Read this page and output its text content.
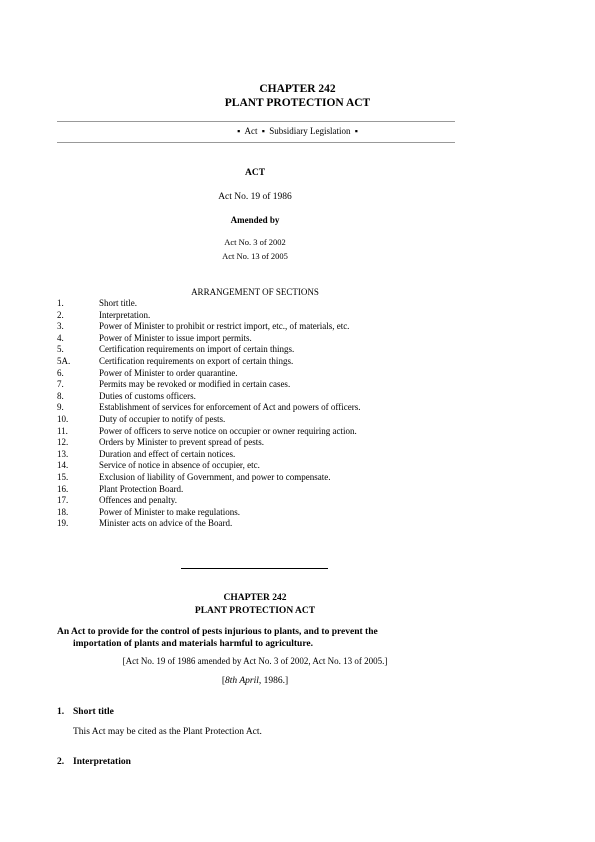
CHAPTER 242
PLANT PROTECTION ACT
▪ Act ▪ Subsidiary Legislation ▪
ACT
Act No. 19 of 1986
Amended by
Act No. 3 of 2002
Act No. 13 of 2005
ARRANGEMENT OF SECTIONS
1.	Short title.
2.	Interpretation.
3.	Power of Minister to prohibit or restrict import, etc., of materials, etc.
4.	Power of Minister to issue import permits.
5.	Certification requirements on import of certain things.
5A.	Certification requirements on export of certain things.
6.	Power of Minister to order quarantine.
7.	Permits may be revoked or modified in certain cases.
8.	Duties of customs officers.
9.	Establishment of services for enforcement of Act and powers of officers.
10.	Duty of occupier to notify of pests.
11.	Power of officers to serve notice on occupier or owner requiring action.
12.	Orders by Minister to prevent spread of pests.
13.	Duration and effect of certain notices.
14.	Service of notice in absence of occupier, etc.
15.	Exclusion of liability of Government, and power to compensate.
16.	Plant Protection Board.
17.	Offences and penalty.
18.	Power of Minister to make regulations.
19.	Minister acts on advice of the Board.
CHAPTER 242
PLANT PROTECTION ACT
An Act to provide for the control of pests injurious to plants, and to prevent the
importation of plants and materials harmful to agriculture.
[Act No. 19 of 1986 amended by Act No. 3 of 2002, Act No. 13 of 2005.]
[8th April, 1986.]
1. Short title
This Act may be cited as the Plant Protection Act.
2. Interpretation
